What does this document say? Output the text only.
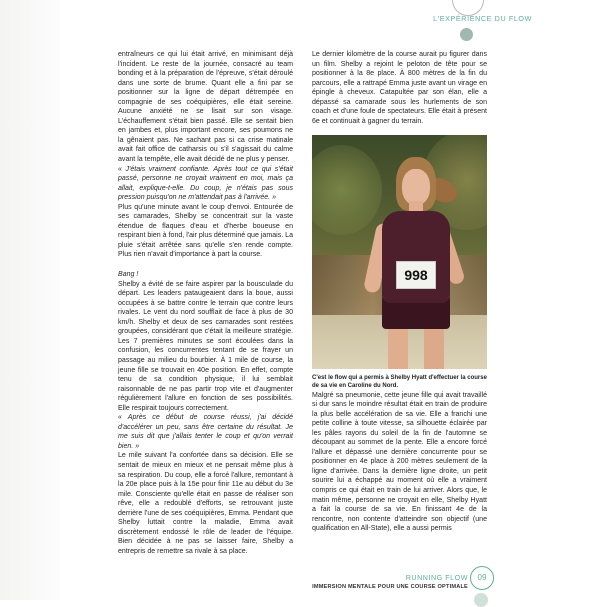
L'EXPÉRIENCE DU FLOW

entraîneurs ce qui lui était arrivé, en minimisant déjà l'incident. Le reste de la journée, consacré au team bonding et à la préparation de l'épreuve, s'était déroulé dans une sorte de brume. Quant elle a fini par se positionner sur la ligne de départ détrempée en compagnie de ses coéquipières, elle était sereine. Aucune anxiété ne se lisait sur son visage. L'échauffement s'était bien passé. Elle se sentait bien en jambes et, plus important encore, ses poumons ne la gênaient pas. Ne sachant pas si ca crise matinale avait fait office de catharsis ou s'il s'agissait du calme avant la tempête, elle avait décidé de ne plus y penser.

« J'étais vraiment confiante. Après tout ce qui s'était passé, personne ne croyait vraiment en moi, mais ça allait, explique-t-elle. Du coup, je n'étais pas sous pression puisqu'on ne m'attendait pas à l'arrivée. »

Plus qu'une minute avant le coup d'envoi. Entourée de ses camarades, Shelby se concentrait sur la vaste étendue de flaques d'eau et d'herbe boueuse en respirant bien à fond, l'air plus déterminé que jamais. La pluie s'était arrêtée sans qu'elle s'en rende compte. Plus rien n'avait d'importance à part la course.

Bang !

Shelby a évité de se faire aspirer par la bousculade du départ. Les leaders pataugeaient dans la boue, aussi occupées à se battre contre le terrain que contre leurs rivales. Le vent du nord soufflait de face à plus de 30 km/h. Shelby et deux de ses camarades sont restées groupées, considérant que c'était la meilleure stratégie. Les 7 premières minutes se sont écoulées dans la confusion, les concurrentes tentant de se frayer un passage au milieu du bourbier. À 1 mile de course, la jeune fille se trouvait en 40e position. En effet, compte tenu de sa condition physique, il lui semblait raisonnable de ne pas partir trop vite et d'augmenter régulièrement l'allure en fonction de ses possibilités. Elle respirait toujours correctement.

« Après ce début de course réussi, j'ai décidé d'accélérer un peu, sans être certaine du résultat. Je me suis dit que j'allais tenter le coup et qu'on verrait bien. »

Le mile suivant l'a confortée dans sa décision. Elle se sentait de mieux en mieux et ne pensait même plus à sa respiration. Du coup, elle a forcé l'allure, remontant à la 20e place puis à la 15e pour finir 11e au début du 3e mile. Consciente qu'elle était en passe de réaliser son rêve, elle a redoublé d'efforts, se retrouvant juste derrière l'une de ses coéquipières, Emma. Pendant que Shelby luttait contre la maladie, Emma avait discrètement endossé le rôle de leader de l'équipe. Bien décidée à ne pas se laisser faire, Shelby a entrepris de remettre sa rivale à sa place.

Le dernier kilomètre de la course aurait pu figurer dans un film. Shelby a rejoint le peloton de tête pour se positionner à la 8e place. À 800 mètres de la fin du parcours, elle a rattrapé Emma juste avant un virage en épingle à cheveux. Catapultée par son élan, elle a dépassé sa camarade sous les hurlements de son coach et d'une foule de spectateurs. Elle était à présent 6e et continuait à gagner du terrain.

998

C'est le flow qui a permis à Shelby Hyatt d'effectuer la course de sa vie en Caroline du Nord.

Malgré sa pneumonie, cette jeune fille qui avait travaillé si dur sans le moindre résultat était en train de produire la plus belle accélération de sa vie. Elle a franchi une petite colline à toute vitesse, sa silhouette éclairée par les pâles rayons du soleil de la fin de l'automne se découpant au sommet de la pente. Elle a encore forcé l'allure et dépassé une dernière concurrente pour se positionner en 4e place à 200 mètres seulement de la ligne d'arrivée. Dans la dernière ligne droite, un petit sourire lui a échappé au moment où elle a vraiment compris ce qui était en train de lui arriver. Alors que, le matin même, personne ne croyait en elle, Shelby Hyatt a fait la course de sa vie. En finissant 4e de la rencontre, non contente d'atteindre son objectif (une qualification en All-State), elle a aussi permis

RUNNING FLOW
IMMERSION MENTALE POUR UNE COURSE OPTIMALE
09
